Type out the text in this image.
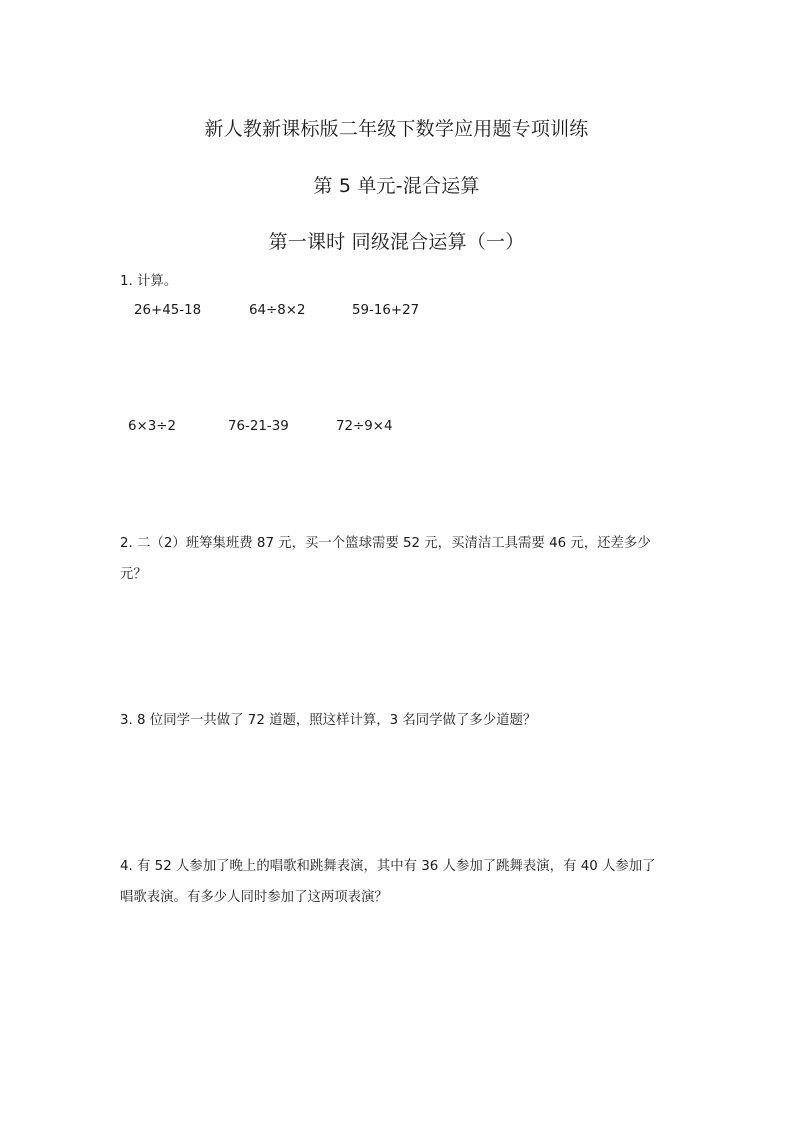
新人教新课标版二年级下数学应用题专项训练
第 5 单元-混合运算
第一课时 同级混合运算（一）
1. 计算。
26+45-18	64÷8×2	59-16+27
6×3÷2	76-21-39	72÷9×4
2. 二（2）班筹集班费 87 元，买一个篮球需要 52 元，买清洁工具需要 46 元，还差多少
元？
3. 8 位同学一共做了 72 道题，照这样计算，3 名同学做了多少道题？
4. 有 52 人参加了晚上的唱歌和跳舞表演，其中有 36 人参加了跳舞表演，有 40 人参加了
唱歌表演。有多少人同时参加了这两项表演？
